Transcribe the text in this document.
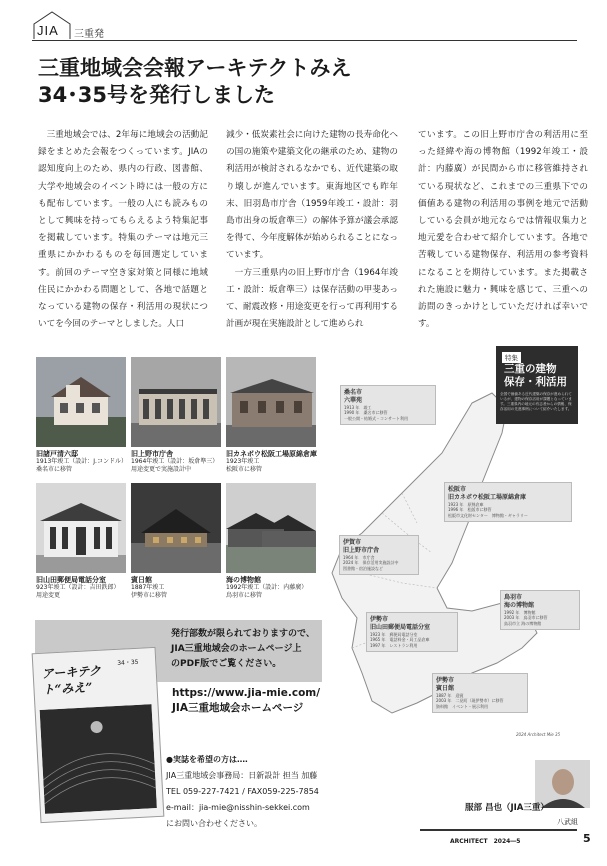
JIA 三重発
三重地域会会報アーキテクトみえ
34･35号を発行しました

三重地域会では、2年毎に地域会の活動記録をまとめた会報をつくっています。JIAの認知度向上のため、県内の行政、図書館、大学や地域会のイベント時には一般の方にも配布しています。一般の人にも読みものとして興味を持ってもらえるよう特集記事を掲載しています。特集のテーマは地元三重県にかかわるものを毎回選定しています。前回のテーマ空き家対策と同様に地域住民にかかわる問題として、各地で話題となっている建物の保存・利活用の現状についてを今回のテーマとしました。人口

減少・低炭素社会に向けた建物の長寿命化への国の施策や建築文化の継承のため、建物の利活用が検討されるなかでも、近代建築の取り壊しが進んでいます。東海地区でも昨年末、旧羽島市庁舎（1959年竣工・設計：羽島市出身の坂倉準三）の解体予算が議会承認を得て、今年度解体が始められることになっています。

一方三重県内の旧上野市庁舎（1964年竣工・設計：坂倉準三）は保存活動の甲斐あって、耐震改修・用途変更を行って再利用する計画が現在実施設計として進められ

ています。この旧上野市庁舎の利活用に至った経緯や海の博物館（1992年竣工・設計：内藤廣）が民間から市に移管維持されている現状など、これまでの三重県下での価値ある建物の利活用の事例を地元で活動している会員が地元ならでは情報収集力と地元愛を合わせて紹介しています。各地で苦戦している建物保存、利活用の参考資料になることを期待しています。また掲載された施設に魅力・興味を感じて、三重への訪問のきっかけとしていただければ幸いです。

旧諸戸清六邸
1913年竣工（設計：J.コンドル）
桑名市に移管
旧上野市庁舎
1964年竣工（設計：坂倉準三）
用途変更で実施設計中
旧カネボウ松阪工場原綿倉庫
1923年竣工
松阪市に移管
旧山田郵便局電話分室
923年竣工（設計：吉田鉄郎）
用途変更
賓日館
1887年竣工
伊勢市に移管
海の博物館
1992年竣工（設計：内藤廣）
鳥羽市に移管
特集
三重の建物
保存・利活用
全国で価値ある近代建築の保存が進められているが、建物の保存活用が課題となっています。三重県内の地元の有志者からの情報、保存活用の先進事例について紹介いたします。
桑名市
六華苑
1913 年　竣工
1990 年　桑名市に移管
一般公開・結婚式・コンサート利用
松阪市
旧カネボウ松阪工場原綿倉庫
1923 年　原綿倉庫
1996 年　松阪市に移管
松阪市文化財センター　博物館・ギャラリー
伊賀市
旧上野市庁舎
1964 年　市庁舎
2024 年　保存活用実施設計中
図書館・宿泊施設など
伊勢市
旧山田郵便局電話分室
1923 年　郵便局電話分室
1965 年　電話料金・局工品倉庫
1997 年　レストラン利用
鳥羽市
海の博物館
1992 年　博物館
2003 年　鳥羽市に移管
鳥羽市立 海の博物館
伊勢市
賓日館
1887 年　迎賓
2003 年　二見町（現伊勢市）に移管
資料館　イベント・展示利用
2024 Architect Mie 35
発行部数が限られておりますので、
JIA三重地域会のホームページ上
のPDF版でご覧ください。
アーキテクト“みえ”
34・35
https://www.jia-mie.com/
JIA三重地域会ホームページ
●実誌を希望の方は‥‥
JIA三重地域会事務局：日新設計 担当 加藤
TEL 059-227-7421 / FAX059-225-7854
e-mail：jia-mie@nisshin-sekkei.com
にお問い合わせください。
服部 昌也（JIA三重）
八武組
ARCHITECT　2024―5	5
